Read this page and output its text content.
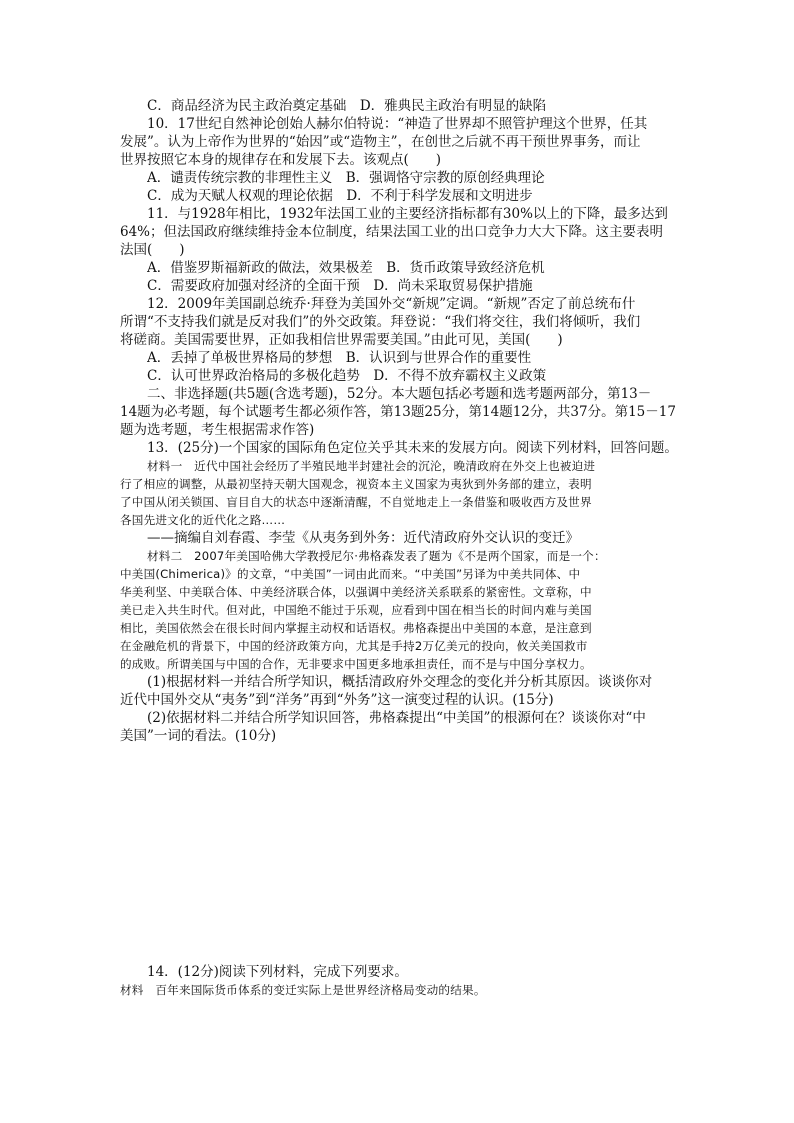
C．商品经济为民主政治奠定基础　D．雅典民主政治有明显的缺陷
10．17世纪自然神论创始人赫尔伯特说：“神造了世界却不照管护理这个世界，任其
发展”。认为上帝作为世界的“始因”或“造物主”，在创世之后就不再干预世界事务，而让
世界按照它本身的规律存在和发展下去。该观点(　　)
A．谴责传统宗教的非理性主义　B．强调恪守宗教的原创经典理论
C．成为天赋人权观的理论依据　D．不利于科学发展和文明进步
11．与1928年相比，1932年法国工业的主要经济指标都有30%以上的下降，最多达到
64%；但法国政府继续维持金本位制度，结果法国工业的出口竞争力大大下降。这主要表明
法国(　　)
A．借鉴罗斯福新政的做法，效果极差　B．货币政策导致经济危机
C．需要政府加强对经济的全面干预　D．尚未采取贸易保护措施
12．2009年美国副总统乔·拜登为美国外交“新规”定调。“新规”否定了前总统布什
所谓“不支持我们就是反对我们”的外交政策。拜登说：“我们将交往，我们将倾听，我们
将磋商。美国需要世界，正如我相信世界需要美国。”由此可见，美国(　　)
A．丢掉了单极世界格局的梦想　B．认识到与世界合作的重要性
C．认可世界政治格局的多极化趋势　D．不得不放弃霸权主义政策
二、非选择题(共5题(含选考题)，52分。本大题包括必考题和选考题两部分，第13－
14题为必考题，每个试题考生都必须作答，第13题25分，第14题12分，共37分。第15－17
题为选考题，考生根据需求作答)
13．(25分)一个国家的国际角色定位关乎其未来的发展方向。阅读下列材料，回答问题。
材料一　近代中国社会经历了半殖民地半封建社会的沉沦，晚清政府在外交上也被迫进
行了相应的调整，从最初坚持天朝大国观念，视资本主义国家为夷狄到外务部的建立，表明
了中国从闭关锁国、盲目自大的状态中逐渐清醒，不自觉地走上一条借鉴和吸收西方及世界
各国先进文化的近代化之路……
——摘编自刘春霞、李莹《从夷务到外务：近代清政府外交认识的变迁》
材料二　2007年美国哈佛大学教授尼尔·弗格森发表了题为《不是两个国家，而是一个：
中美国(Chimerica)》的文章，“中美国”一词由此而来。“中美国”另译为中美共同体、中
华美利坚、中美联合体、中美经济联合体，以强调中美经济关系联系的紧密性。文章称，中
美已走入共生时代。但对此，中国绝不能过于乐观，应看到中国在相当长的时间内难与美国
相比，美国依然会在很长时间内掌握主动权和话语权。弗格森提出中美国的本意，是注意到
在金融危机的背景下，中国的经济政策方向，尤其是手持2万亿美元的投向，攸关美国救市
的成败。所谓美国与中国的合作，无非要求中国更多地承担责任，而不是与中国分享权力。
(1)根据材料一并结合所学知识，概括清政府外交理念的变化并分析其原因。谈谈你对
近代中国外交从“夷务”到“洋务”再到“外务”这一演变过程的认识。(15分)
(2)依据材料二并结合所学知识回答，弗格森提出“中美国”的根源何在？谈谈你对“中
美国”一词的看法。(10分)
14．(12分)阅读下列材料，完成下列要求。
材料　百年来国际货币体系的变迁实际上是世界经济格局变动的结果。
